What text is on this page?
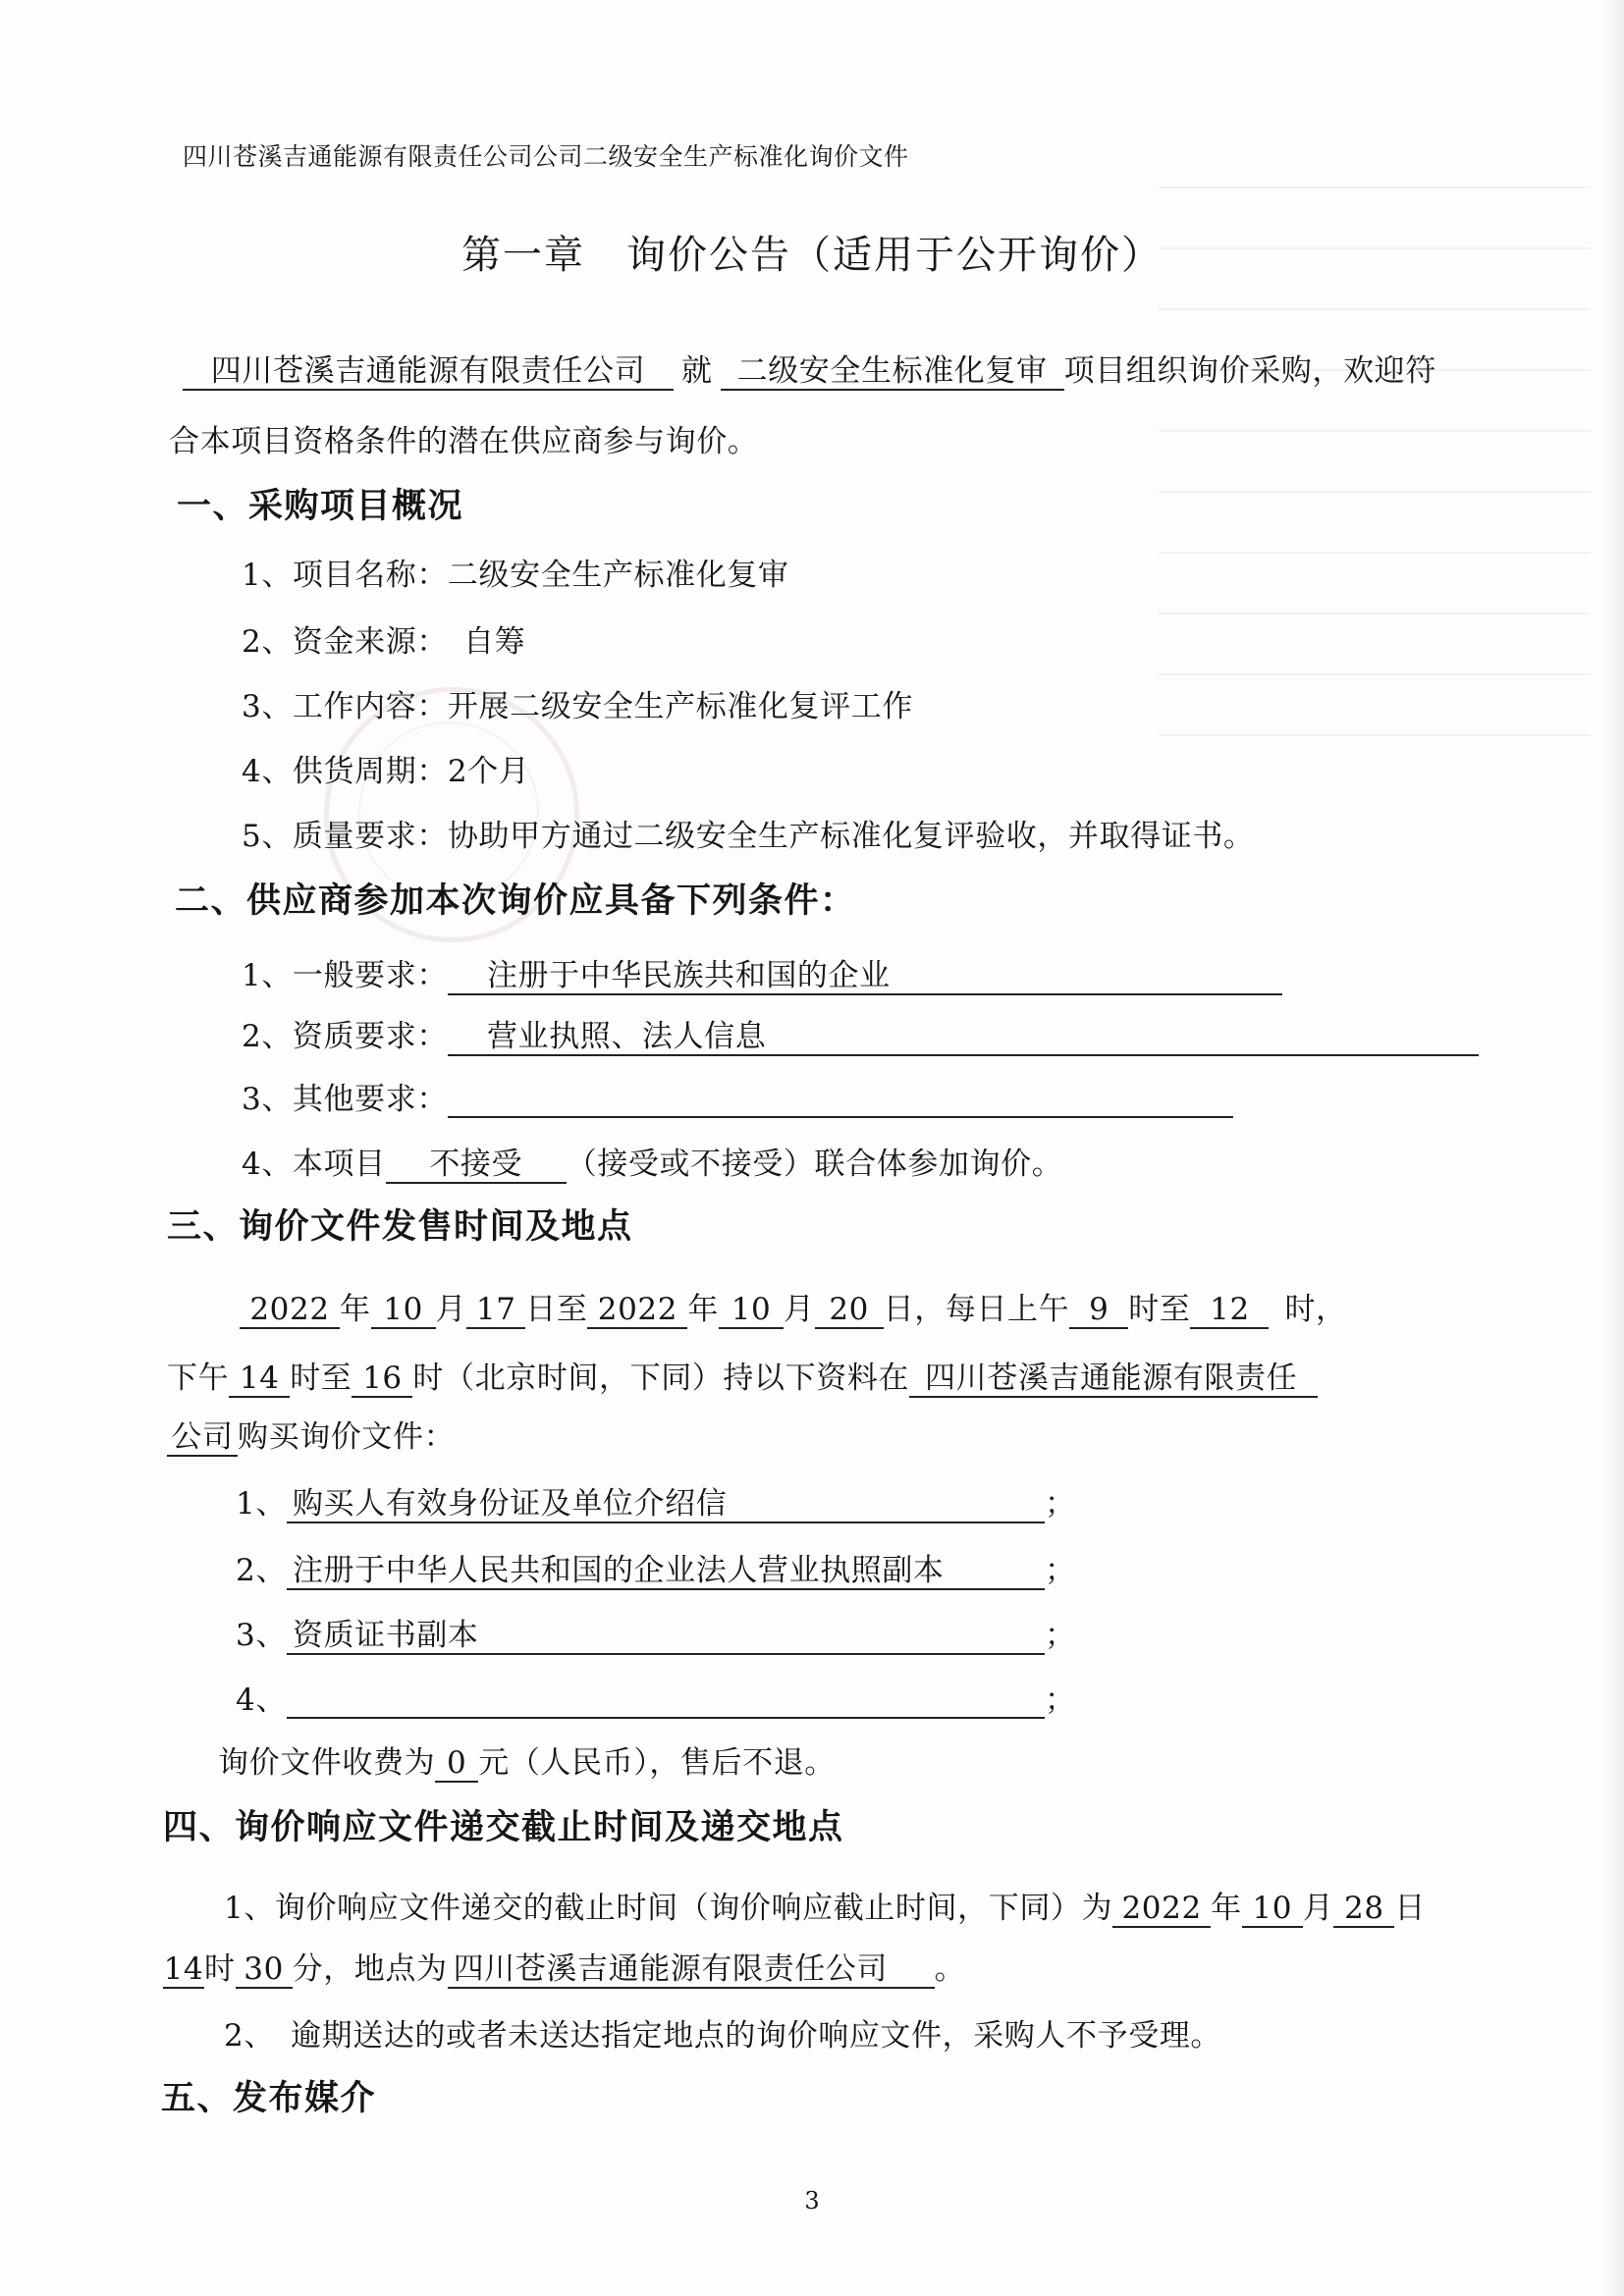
四川苍溪吉通能源有限责任公司公司二级安全生产标准化询价文件
第一章　询价公告（适用于公开询价）
四川苍溪吉通能源有限责任公司 就 二级安全生标准化复审 项目组织询价采购，欢迎符
合本项目资格条件的潜在供应商参与询价。
一、采购项目概况
1、项目名称：二级安全生产标准化复审
2、资金来源：　自筹
3、工作内容：开展二级安全生产标准化复评工作
4、供货周期：2个月
5、质量要求：协助甲方通过二级安全生产标准化复评验收，并取得证书。
二、供应商参加本次询价应具备下列条件：
1、一般要求： 注册于中华民族共和国的企业
2、资质要求： 营业执照、法人信息
3、其他要求：
4、本项目 不接受 （接受或不接受）联合体参加询价。
三、询价文件发售时间及地点
2022 年 10 月 17 日至 2022 年 10 月 20 日，每日上午 9 时至 12 时，
下午 14 时至 16 时（北京时间，下同）持以下资料在 四川苍溪吉通能源有限责任
公司 购买询价文件：
1、 购买人有效身份证及单位介绍信	；
2、 注册于中华人民共和国的企业法人营业执照副本	；
3、 资质证书副本	；
4、	；
询价文件收费为 0 元（人民币），售后不退。
四、询价响应文件递交截止时间及递交地点
1、询价响应文件递交的截止时间（询价响应截止时间，下同）为 2022 年 10 月 28 日
14时 30 分，地点为 四川苍溪吉通能源有限责任公司 。
2、　逾期送达的或者未送达指定地点的询价响应文件，采购人不予受理。
五、发布媒介
3
